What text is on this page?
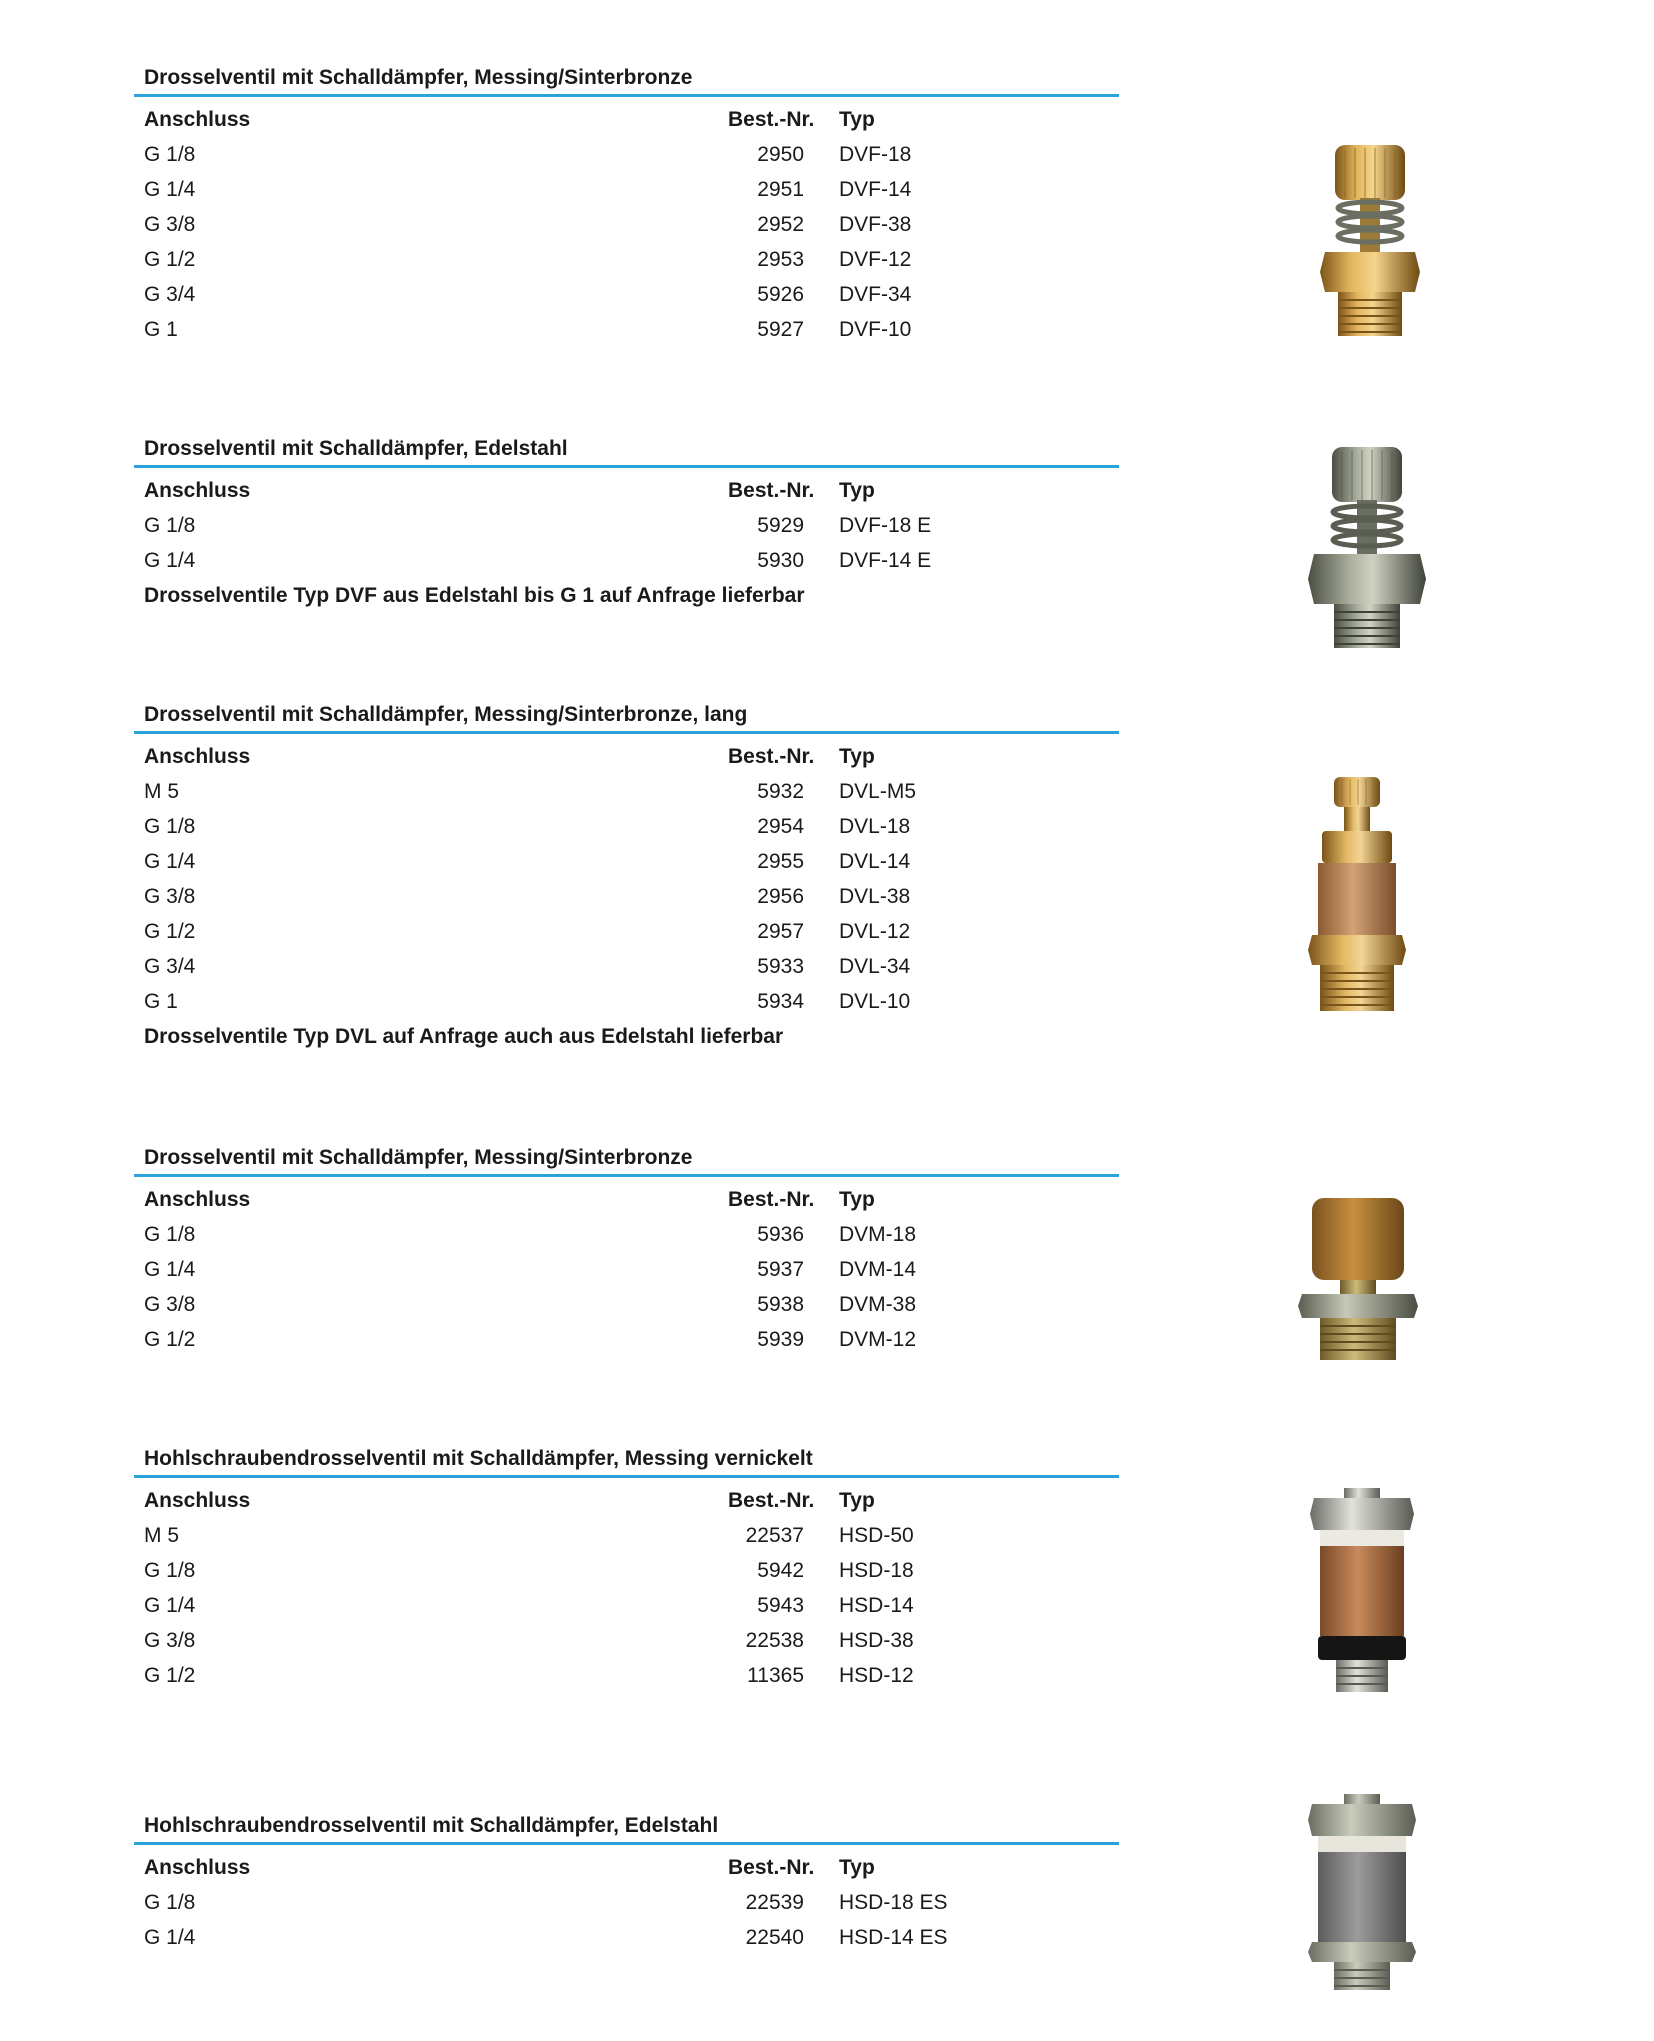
Drosselventil mit Schalldämpfer, Messing/Sinterbronze
Anschluss	Best.-Nr. Typ
G 1/8	2950 DVF-18
G 1/4	2951 DVF-14
G 3/8	2952 DVF-38
G 1/2	2953 DVF-12
G 3/4	5926 DVF-34
G 1	5927 DVF-10
Drosselventil mit Schalldämpfer, Edelstahl
Anschluss	Best.-Nr. Typ
G 1/8	5929 DVF-18 E
G 1/4	5930 DVF-14 E
Drosselventile Typ DVF aus Edelstahl bis G 1 auf Anfrage lieferbar
Drosselventil mit Schalldämpfer, Messing/Sinterbronze, lang
Anschluss	Best.-Nr. Typ
M 5	5932 DVL-M5
G 1/8	2954 DVL-18
G 1/4	2955 DVL-14
G 3/8	2956 DVL-38
G 1/2	2957 DVL-12
G 3/4	5933 DVL-34
G 1	5934 DVL-10
Drosselventile Typ DVL auf Anfrage auch aus Edelstahl lieferbar
Drosselventil mit Schalldämpfer, Messing/Sinterbronze
Anschluss	Best.-Nr. Typ
G 1/8	5936 DVM-18
G 1/4	5937 DVM-14
G 3/8	5938 DVM-38
G 1/2	5939 DVM-12
Hohlschraubendrosselventil mit Schalldämpfer, Messing vernickelt
Anschluss	Best.-Nr. Typ
M 5	22537 HSD-50
G 1/8	5942 HSD-18
G 1/4	5943 HSD-14
G 3/8	22538 HSD-38
G 1/2	11365 HSD-12
Hohlschraubendrosselventil mit Schalldämpfer, Edelstahl
Anschluss	Best.-Nr. Typ
G 1/8	22539 HSD-18 ES
G 1/4	22540 HSD-14 ES
